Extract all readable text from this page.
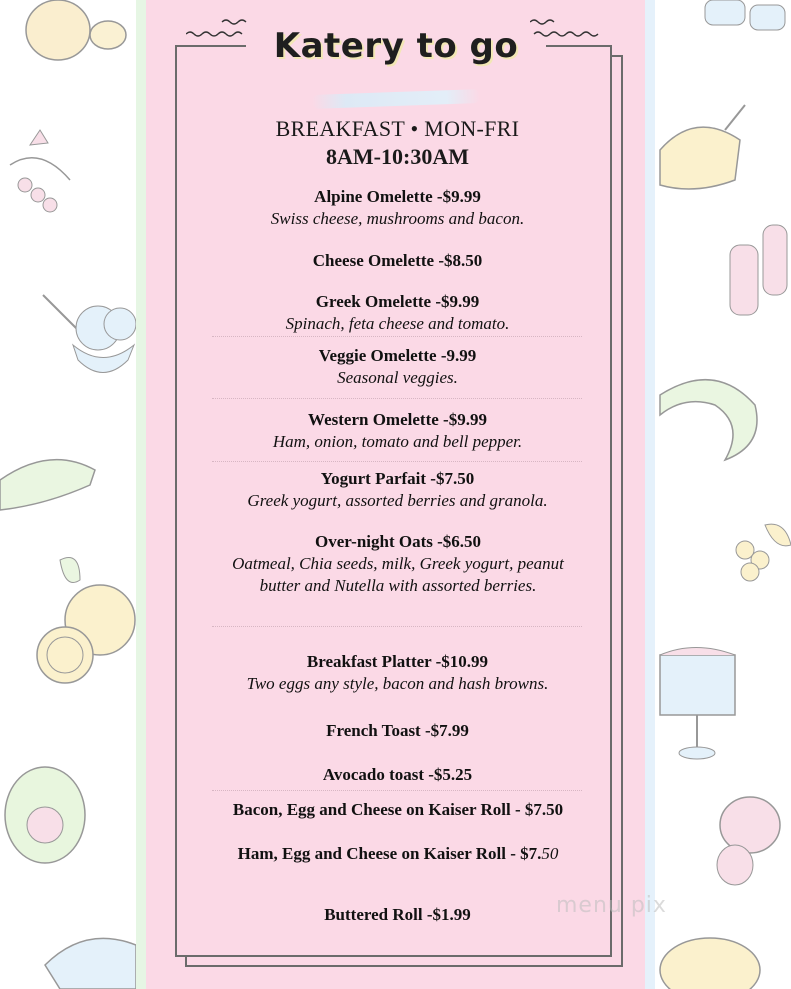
Katery to go
BREAKFAST • MON-FRI
8AM-10:30AM
Alpine Omelette -$9.99
Swiss cheese, mushrooms and bacon.
Cheese Omelette -$8.50
Greek Omelette -$9.99
Spinach, feta cheese and tomato.
Veggie Omelette -9.99
Seasonal veggies.
Western Omelette -$9.99
Ham, onion, tomato and bell pepper.
Yogurt Parfait -$7.50
Greek yogurt, assorted berries and granola.
Over-night Oats -$6.50
Oatmeal, Chia seeds, milk, Greek yogurt, peanut butter and Nutella with assorted berries.
Breakfast Platter -$10.99
Two eggs any style, bacon and hash browns.
French Toast -$7.99
Avocado toast -$5.25
Bacon, Egg and Cheese on Kaiser Roll - $7.50
Ham, Egg and Cheese on Kaiser Roll - $7.50
Buttered Roll -$1.99	menu pix
